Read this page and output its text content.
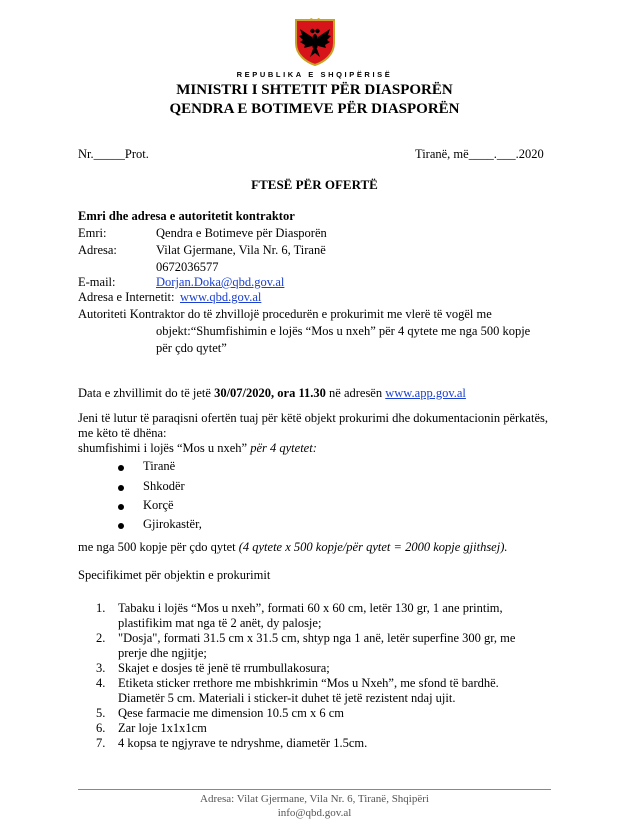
REPUBLIKA E SHQIPËRISË
MINISTRI I SHTETIT PËR DIASPORËN
QENDRA E BOTIMEVE PËR DIASPORËN
Nr._____Prot.	Tiranë, më____.___.2020
FTESË PËR OFERTË
Emri dhe adresa e autoritetit kontraktor
Emri:	Qendra e Botimeve për Diasporën
Adresa:	Vilat Gjermane, Vila Nr. 6, Tiranë
0672036577
E-mail:	Dorjan.Doka@qbd.gov.al
Adresa e Internetit: www.qbd.gov.al
Autoriteti Kontraktor do të zhvillojë procedurën e prokurimit me vlerë të vogël me
objekt:“Shumfishimin e lojës “Mos u nxeh” për 4 qytete me nga 500 kopje
për çdo qytet”
Data e zhvillimit do të jetë 30/07/2020, ora 11.30 në adresën www.app.gov.al
Jeni të lutur të paraqisni ofertën tuaj për këtë objekt prokurimi dhe dokumentacionin përkatës,
me këto të dhëna:
shumfishimi i lojës “Mos u nxeh” për 4 qytetet:
Tiranë
Shkodër
Korçë
Gjirokastër,
me nga 500 kopje për çdo qytet (4 qytete x 500 kopje/për qytet = 2000 kopje gjithsej).
Specifikimet për objektin e prokurimit
1. Tabaku i lojës “Mos u nxeh”, formati 60 x 60 cm, letër 130 gr, 1 ane printim,
plastifikim mat nga të 2 anët, dy palosje;
2. "Dosja", formati 31.5 cm x 31.5 cm, shtyp nga 1 anë, letër superfine 300 gr, me
prerje dhe ngjitje;
3. Skajet e dosjes të jenë të rrumbullakosura;
4. Etiketa sticker rrethore me mbishkrimin “Mos u Nxeh”, me sfond të bardhë.
Diametër 5 cm. Materiali i sticker-it duhet të jetë rezistent ndaj ujit.
5. Qese farmacie me dimension 10.5 cm x 6 cm
6. Zar loje 1x1x1cm
7. 4 kopsa te ngjyrave te ndryshme, diametër 1.5cm.
Adresa: Vilat Gjermane, Vila Nr. 6, Tiranë, Shqipëri
info@qbd.gov.al
